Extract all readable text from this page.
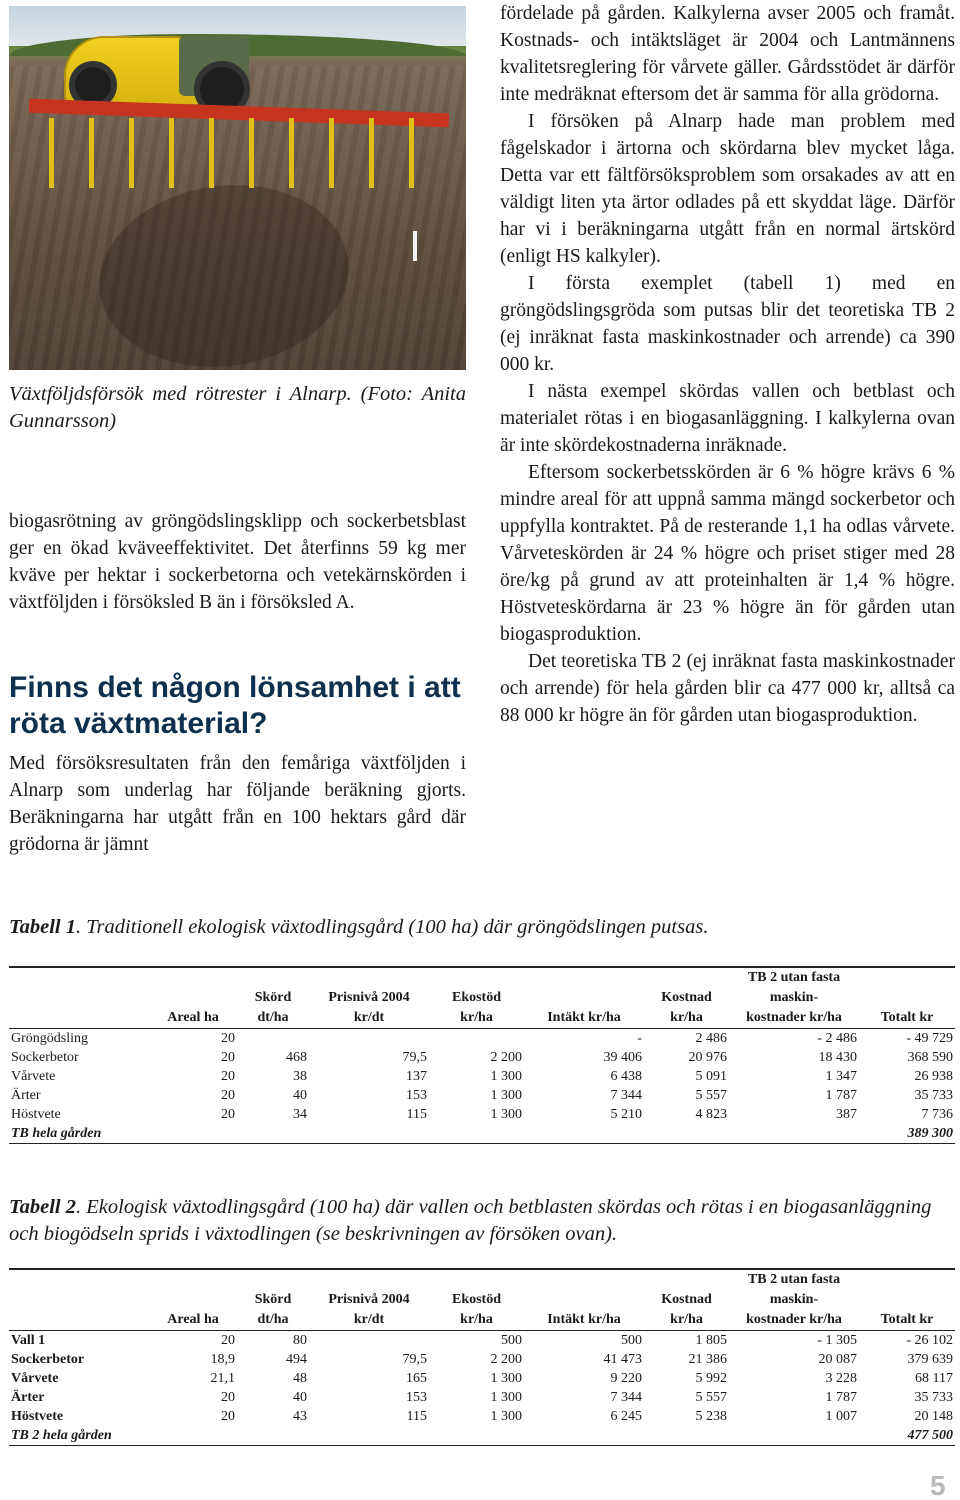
Växtföljdsförsök med rötrester i Alnarp. (Foto: Anita Gunnarsson)
biogasrötning av gröngödslingsklipp och sockerbetsblast ger en ökad kväveeffektivitet. Det återfinns 59 kg mer kväve per hektar i sockerbetorna och vetekärnskörden i växtföljden i försöksled B än i försöksled A.
Finns det någon lönsamhet i att röta växtmaterial?
Med försöksresultaten från den femåriga växtföljden i Alnarp som underlag har följande beräkning gjorts. Beräkningarna har utgått från en 100 hektars gård där grödorna är jämnt

fördelade på gården. Kalkylerna avser 2005 och framåt. Kostnads- och intäktsläget är 2004 och Lantmännens kvalitetsreglering för vårvete gäller. Gårdsstödet är därför inte medräknat eftersom det är samma för alla grödorna.

I försöken på Alnarp hade man problem med fågelskador i ärtorna och skördarna blev mycket låga. Detta var ett fältförsöksproblem som orsakades av att en väldigt liten yta ärtor odlades på ett skyddat läge. Därför har vi i beräkningarna utgått från en normal ärtskörd (enligt HS kalkyler).

I första exemplet (tabell 1) med en gröngödslingsgröda som putsas blir det teoretiska TB 2 (ej inräknat fasta maskinkostnader och arrende) ca 390 000 kr.

I nästa exempel skördas vallen och betblast och materialet rötas i en biogasanläggning. I kalkylerna ovan är inte skördekostnaderna inräknade.

Eftersom sockerbetsskörden är 6 % högre krävs 6 % mindre areal för att uppnå samma mängd sockerbetor och uppfylla kontraktet. På de resterande 1,1 ha odlas vårvete. Vårveteskörden är 24 % högre och priset stiger med 28 öre/kg på grund av att proteinhalten är 1,4 % högre. Höstveteskördarna är 23 % högre än för gården utan biogasproduktion.

Det teoretiska TB 2 (ej inräknat fasta maskinkostnader och arrende) för hela gården blir ca 477 000 kr, alltså ca 88 000 kr högre än för gården utan biogasproduktion.

Tabell 1. Traditionell ekologisk växtodlingsgård (100 ha) där gröngödslingen putsas.
							TB 2 utan fasta	
		Skörd	Prisnivå 2004	Ekostöd		Kostnad	maskin-	
	Areal ha	dt/ha	kr/dt	kr/ha	Intäkt kr/ha	kr/ha	kostnader kr/ha	Totalt kr
Gröngödsling	20				-	2 486	- 2 486	- 49 729
Sockerbetor	20	468	79,5	2 200	39 406	20 976	18 430	368 590
Vårvete	20	38	137	1 300	6 438	5 091	1 347	26 938
Ärter	20	40	153	1 300	7 344	5 557	1 787	35 733
Höstvete	20	34	115	1 300	5 210	4 823	387	7 736
TB hela gården								389 300
Tabell 2. Ekologisk växtodlingsgård (100 ha) där vallen och betblasten skördas och rötas i en biogasanläggning och biogödseln sprids i växtodlingen (se beskrivningen av försöken ovan).
							TB 2 utan fasta	
		Skörd	Prisnivå 2004	Ekostöd		Kostnad	maskin-	
	Areal ha	dt/ha	kr/dt	kr/ha	Intäkt kr/ha	kr/ha	kostnader kr/ha	Totalt kr
Vall 1	20	80		500	500	1 805	- 1 305	- 26 102
Sockerbetor	18,9	494	79,5	2 200	41 473	21 386	20 087	379 639
Vårvete	21,1	48	165	1 300	9 220	5 992	3 228	68 117
Ärter	20	40	153	1 300	7 344	5 557	1 787	35 733
Höstvete	20	43	115	1 300	6 245	5 238	1 007	20 148
TB 2 hela gården								477 500
5
